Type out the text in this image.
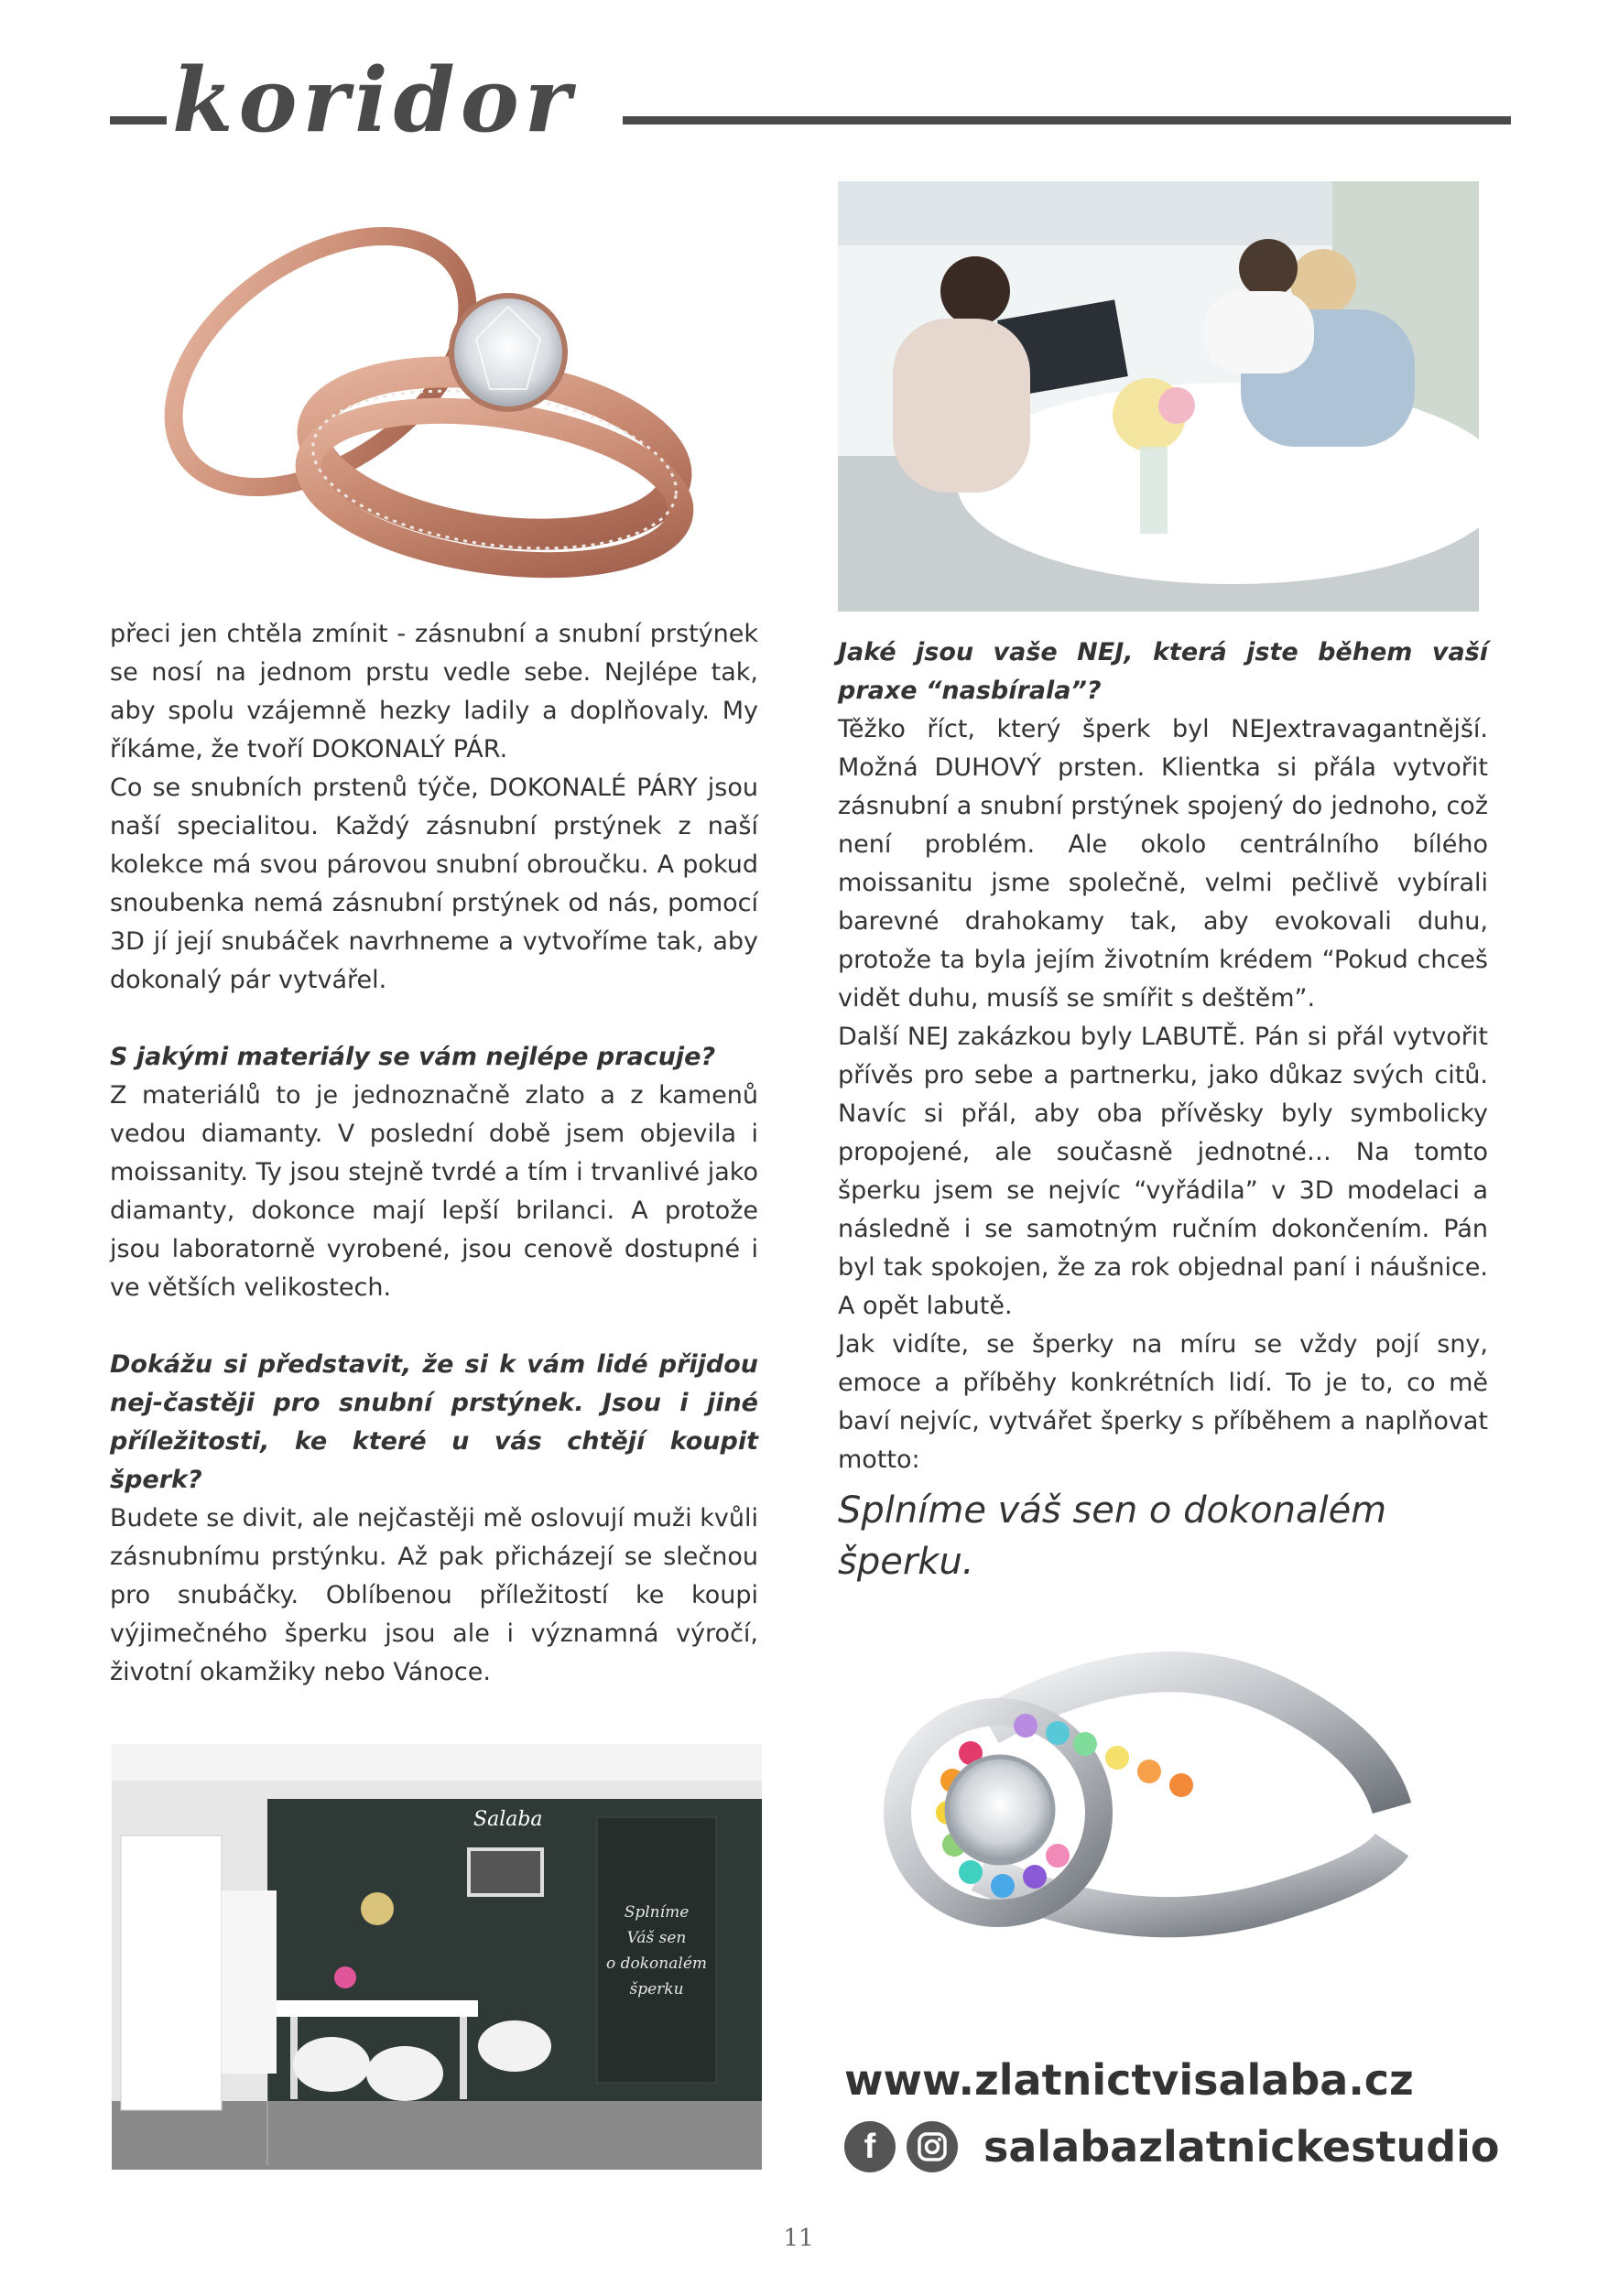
koridor

přeci jen chtěla zmínit - zásnubní a snubní prstýnek se nosí na jednom prstu vedle sebe. Nejlépe tak, aby spolu vzájemně hezky ladily a doplňovaly. My říkáme, že tvoří DOKONALÝ PÁR.

Co se snubních prstenů týče, DOKONALÉ PÁRY jsou naší specialitou. Každý zásnubní prstýnek z naší kolekce má svou párovou snubní obroučku. A pokud snoubenka nemá zásnubní prstýnek od nás, pomocí 3D jí její snubáček navrhneme a vytvoříme tak, aby dokonalý pár vytvářel.

S jakými materiály se vám nejlépe pracuje?

Z materiálů to je jednoznačně zlato a z kamenů vedou diamanty. V poslední době jsem objevila i moissanity. Ty jsou stejně tvrdé a tím i trvanlivé jako diamanty, dokonce mají lepší brilanci. A protože jsou laboratorně vyrobené, jsou cenově dostupné i ve větších velikostech.

Dokážu si představit, že si k vám lidé přijdou nej-častěji pro snubní prstýnek. Jsou i jiné příležitosti, ke které u vás chtějí koupit šperk?

Budete se divit, ale nejčastěji mě oslovují muži kvůli zásnubnímu prstýnku. Až pak přicházejí se slečnou pro snubáčky. Oblíbenou příležitostí ke koupi výjimečného šperku jsou ale i významná výročí, životní okamžiky nebo Vánoce.

Jaké jsou vaše NEJ, která jste během vaší praxe “nasbírala”?

Těžko říct, který šperk byl NEJextravagantnější. Možná DUHOVÝ prsten. Klientka si přála vytvořit zásnubní a snubní prstýnek spojený do jednoho, což není problém. Ale okolo centrálního bílého moissanitu jsme společně, velmi pečlivě vybírali barevné drahokamy tak, aby evokovali duhu, protože ta byla jejím životním krédem “Pokud chceš vidět duhu, musíš se smířit s deštěm”.

Další NEJ zakázkou byly LABUTĚ. Pán si přál vytvořit přívěs pro sebe a partnerku, jako důkaz svých citů. Navíc si přál, aby oba přívěsky byly symbolicky propojené, ale současně jednotné… Na tomto šperku jsem se nejvíc “vyřádila” v 3D modelaci a následně i se samotným ručním dokončením. Pán byl tak spokojen, že za rok objednal paní i náušnice. A opět labutě.

Jak vidíte, se šperky na míru se vždy pojí sny, emoce a příběhy konkrétních lidí. To je to, co mě baví nejvíc, vytvářet šperky s příběhem a naplňovat motto:

Splníme váš sen o dokonalém šperku.

Salaba
Splníme
Váš sen
o dokonalém
šperku
www.zlatnictvisalaba.cz
f	salabazlatnickestudio
11
